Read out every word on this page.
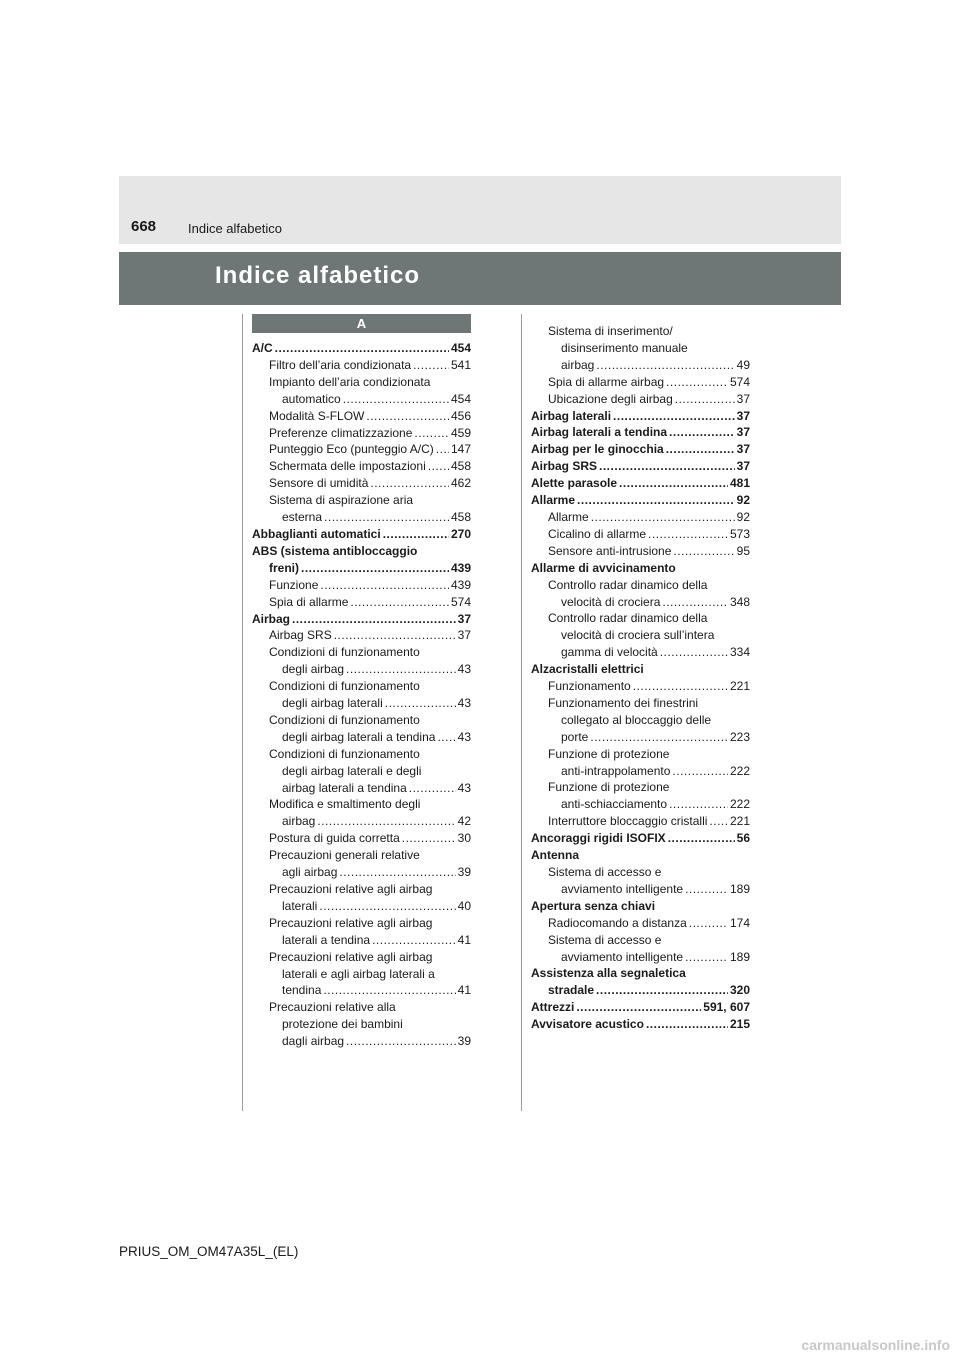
668 Indice alfabetico
Indice alfabetico
A
A/C .....	454
Filtro dell’aria condizionata .....	541
Impianto dell’aria condizionata
automatico .....	454
Modalità S-FLOW .....	456
Preferenze climatizzazione .....	459
Punteggio Eco (punteggio A/C) ..... 147
Schermata delle impostazioni ..... 458
Sensore di umidità .....	462
Sistema di aspirazione aria
esterna .....	458
Abbaglianti automatici .....	270
ABS (sistema antibloccaggio
freni) .....	439
Funzione .....	439
Spia di allarme .....	574
Airbag .....	37
Airbag SRS .....	37
Condizioni di funzionamento
degli airbag .....	43
Condizioni di funzionamento
degli airbag laterali .....	43
Condizioni di funzionamento
degli airbag laterali a tendina ..... 43
Condizioni di funzionamento
degli airbag laterali e degli
airbag laterali a tendina .....	43
Modifica e smaltimento degli
airbag .....	42
Postura di guida corretta .....	30
Precauzioni generali relative
agli airbag .....	39
Precauzioni relative agli airbag
laterali .....	40
Precauzioni relative agli airbag
laterali a tendina .....	41
Precauzioni relative agli airbag
laterali e agli airbag laterali a
tendina .....	41
Precauzioni relative alla
protezione dei bambini
dagli airbag .....	39
Sistema di inserimento/
disinserimento manuale
airbag .....	49
Spia di allarme airbag .....	574
Ubicazione degli airbag .....	37
Airbag laterali .....	37
Airbag laterali a tendina .....	37
Airbag per le ginocchia .....	37
Airbag SRS .....	37
Alette parasole .....	481
Allarme .....	92
Allarme .....	92
Cicalino di allarme .....	573
Sensore anti-intrusione .....	95
Allarme di avvicinamento
Controllo radar dinamico della
velocità di crociera .....	348
Controllo radar dinamico della
velocità di crociera sull’intera
gamma di velocità .....	334
Alzacristalli elettrici
Funzionamento .....	221
Funzionamento dei finestrini
collegato al bloccaggio delle
porte .....	223
Funzione di protezione
anti-intrappolamento .....	222
Funzione di protezione
anti-schiacciamento .....	222
Interruttore bloccaggio cristalli ..... 221
Ancoraggi rigidi ISOFIX .....	56
Antenna
Sistema di accesso e
avviamento intelligente .....	189
Apertura senza chiavi
Radiocomando a distanza .....	174
Sistema di accesso e
avviamento intelligente .....	189
Assistenza alla segnaletica
stradale .....	320
Attrezzi .....	591, 607
Avvisatore acustico .....	215
PRIUS_OM_OM47A35L_(EL)
carmanualsonline.info
